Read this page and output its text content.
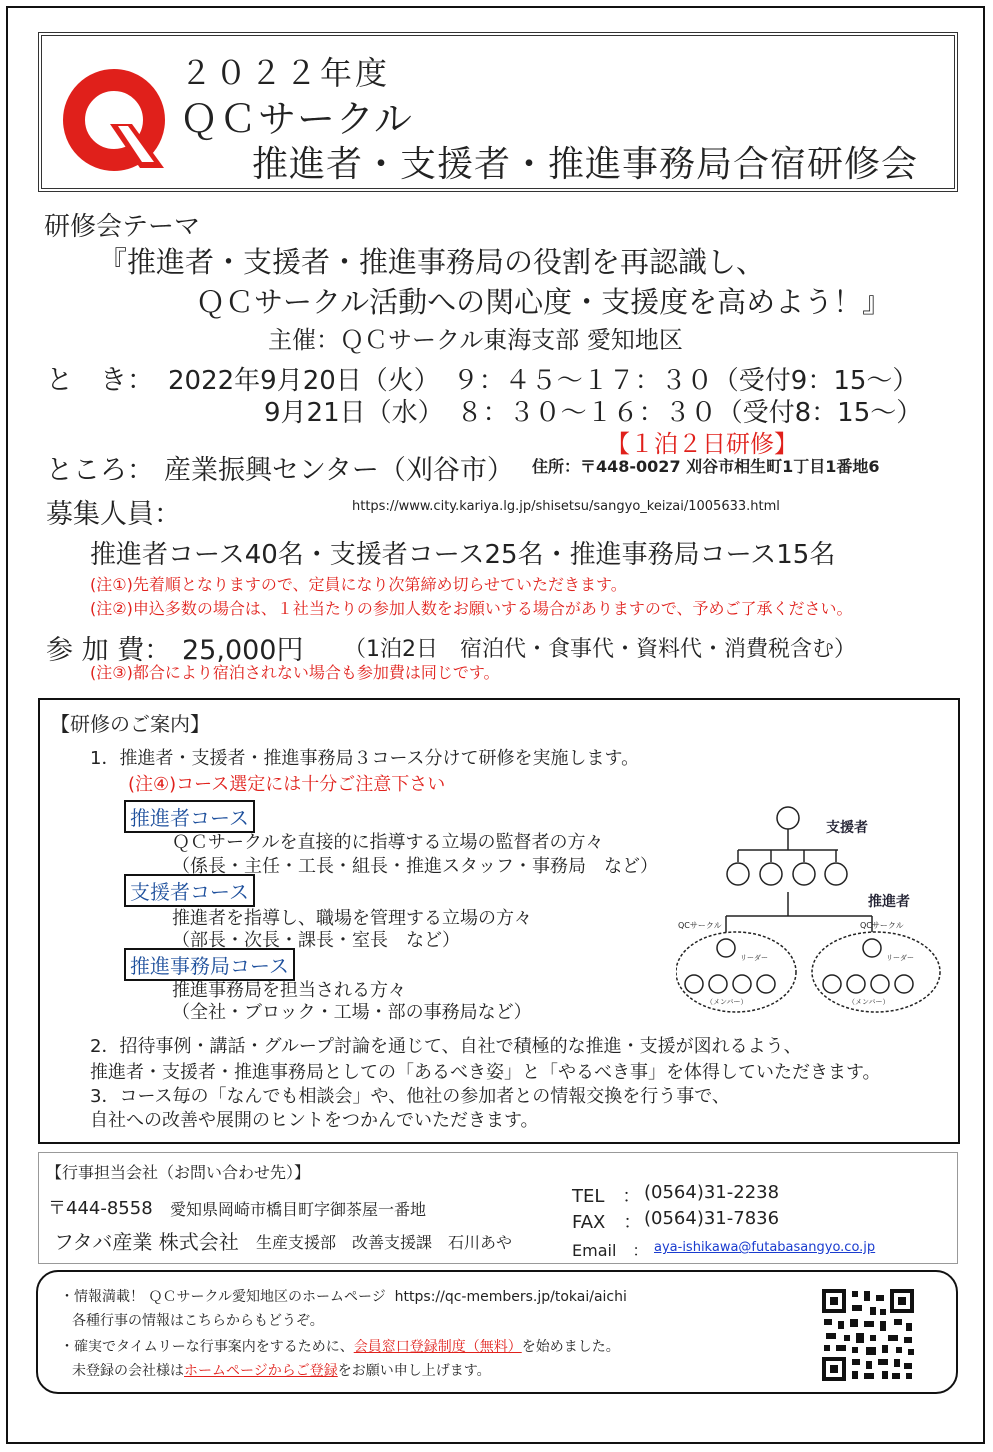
２０２２年度
ＱＣサークル
推進者・支援者・推進事務局合宿研修会
研修会テーマ
『推進者・支援者・推進事務局の役割を再認識し、
ＱＣサークル活動への関心度・支援度を高めよう！』
主催：ＱＣサークル東海支部 愛知地区
と　き： 2022年9月20日（火）　９：４５～１７：３０（受付9：15～）
9月21日（水）　８：３０～１６：３０（受付8：15～）
【１泊２日研修】
ところ： 産業振興センター（刈谷市） 住所：〒448-0027 刈谷市相生町1丁目1番地6
募集人員：	https://www.city.kariya.lg.jp/shisetsu/sangyo_keizai/1005633.html
推進者コース40名・支援者コース25名・推進事務局コース15名
(注①)先着順となりますので、定員になり次第締め切らせていただきます。
(注②)申込多数の場合は、１社当たりの参加人数をお願いする場合がありますので、予めご了承ください。
参 加 費： 25,000円 （1泊2日　宿泊代・食事代・資料代・消費税含む）
(注③)都合により宿泊されない場合も参加費は同じです。
【研修のご案内】
1．推進者・支援者・推進事務局３コース分けて研修を実施します。
(注④)コース選定には十分ご注意下さい
推進者コース
ＱＣサークルを直接的に指導する立場の監督者の方々
（係長・主任・工長・組長・推進スタッフ・事務局　など）
支援者コース
推進者を指導し、職場を管理する立場の方々
（部長・次長・課長・室長　など）
推進事務局コース
推進事務局を担当される方々
（全社・ブロック・工場・部の事務局など）
支援者
推進者
QCサークル	QCサークル
リーダー	リーダー
（メンバー）	（メンバー）
2．招待事例・講話・グループ討論を通じて、自社で積極的な推進・支援が図れるよう、
推進者・支援者・推進事務局としての「あるべき姿」と「やるべき事」を体得していただきます。
3．コース毎の「なんでも相談会」や、他社の参加者との情報交換を行う事で、
自社への改善や展開のヒントをつかんでいただきます。
【行事担当会社（お問い合わせ先）】
〒444-8558 愛知県岡崎市橋目町字御茶屋一番地
フタバ産業 株式会社 生産支援部　改善支援課　石川あや
TEL　： (0564)31-2238
FAX　： (0564)31-7836
Email　： aya-ishikawa@futabasangyo.co.jp
・情報満載！ ＱＣサークル愛知地区のホームページ https://qc-members.jp/tokai/aichi
各種行事の情報はこちらからもどうぞ。
・確実でタイムリーな行事案内をするために、会員窓口登録制度（無料）を始めました。
未登録の会社様はホームページからご登録をお願い申し上げます。
